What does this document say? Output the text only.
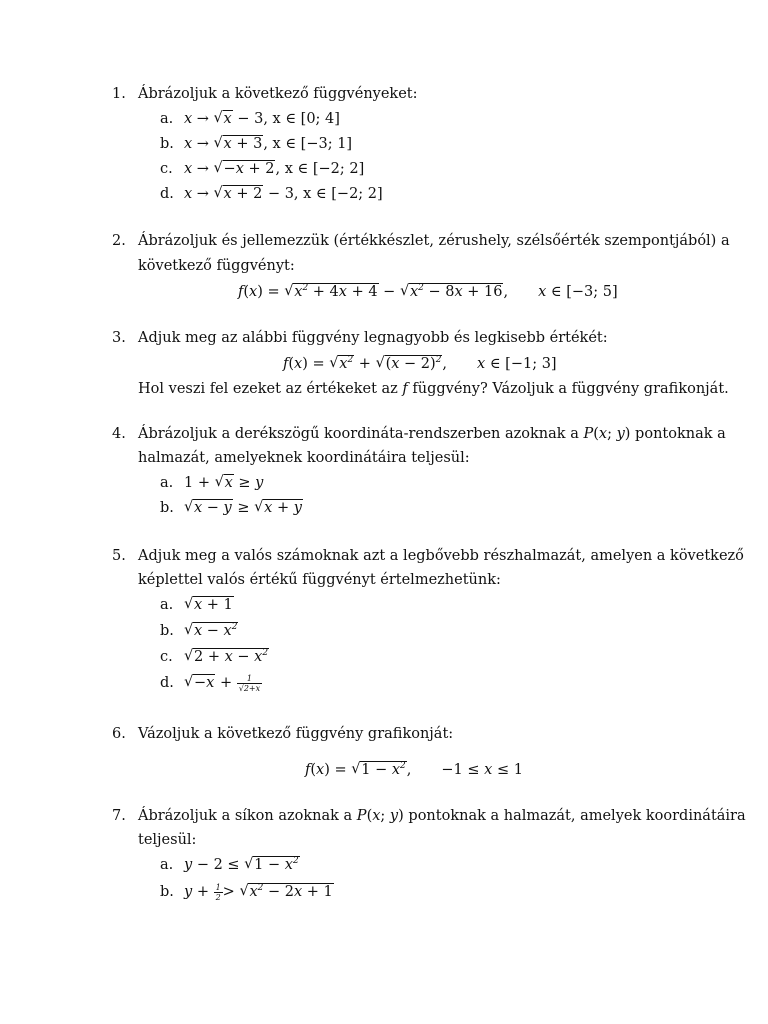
1. Ábrázoljuk a következő függvényeket:
a. x → √ x − 3, x ∈ [0; 4]
b. x → √ x + 3, x ∈ [−3; 1]
c. x → √ −x + 2, x ∈ [−2; 2]
d. x → √ x + 2 − 3, x ∈ [−2; 2]
2. Ábrázoljuk és jellemezzük (értékkészlet, zérushely, szélsőérték szempontjából) a
következő függvényt:
f(x) = √ $x^2 + 4x + 4$ − √ $x^2 - 8x + 16$, x ∈ [−3; 5]
3. Adjuk meg az alábbi függvény legnagyobb és legkisebb értékét:
f(x) = √ $x^2$ + √ $(x - 2)^2$, x ∈ [−1; 3]
Hol veszi fel ezeket az értékeket az f függvény? Vázoljuk a függvény grafikonját.
4. Ábrázoljuk a derékszögű koordináta-rendszerben azoknak a P(x; y) pontoknak a
halmazát, amelyeknek koordinátáira teljesül:
a. 1 + √ x ≥ y
b.	√ x − y ≥ √ x + y
5. Adjuk meg a valós számoknak azt a legbővebb részhalmazát, amelyen a következő
képlettel valós értékű függvényt értelmezhetünk:
a.	√ x + 1
b.	√ $x - x^2$
c.	√ $2 + x - x^2$
d.	√ $-x + \frac{1}{√2+x}$
6. Vázoljuk a következő függvény grafikonját:
f(x) = √ $1 - x^2$, −1 ≤ x ≤ 1
7. Ábrázoljuk a síkon azoknak a P(x; y) pontoknak a halmazát, amelyek koordinátáira
teljesül:
a. y − 2 ≤ √ $1 - x^2$
b. $y + \frac{1}{2}$ > √ $x^2 - 2x + 1$
